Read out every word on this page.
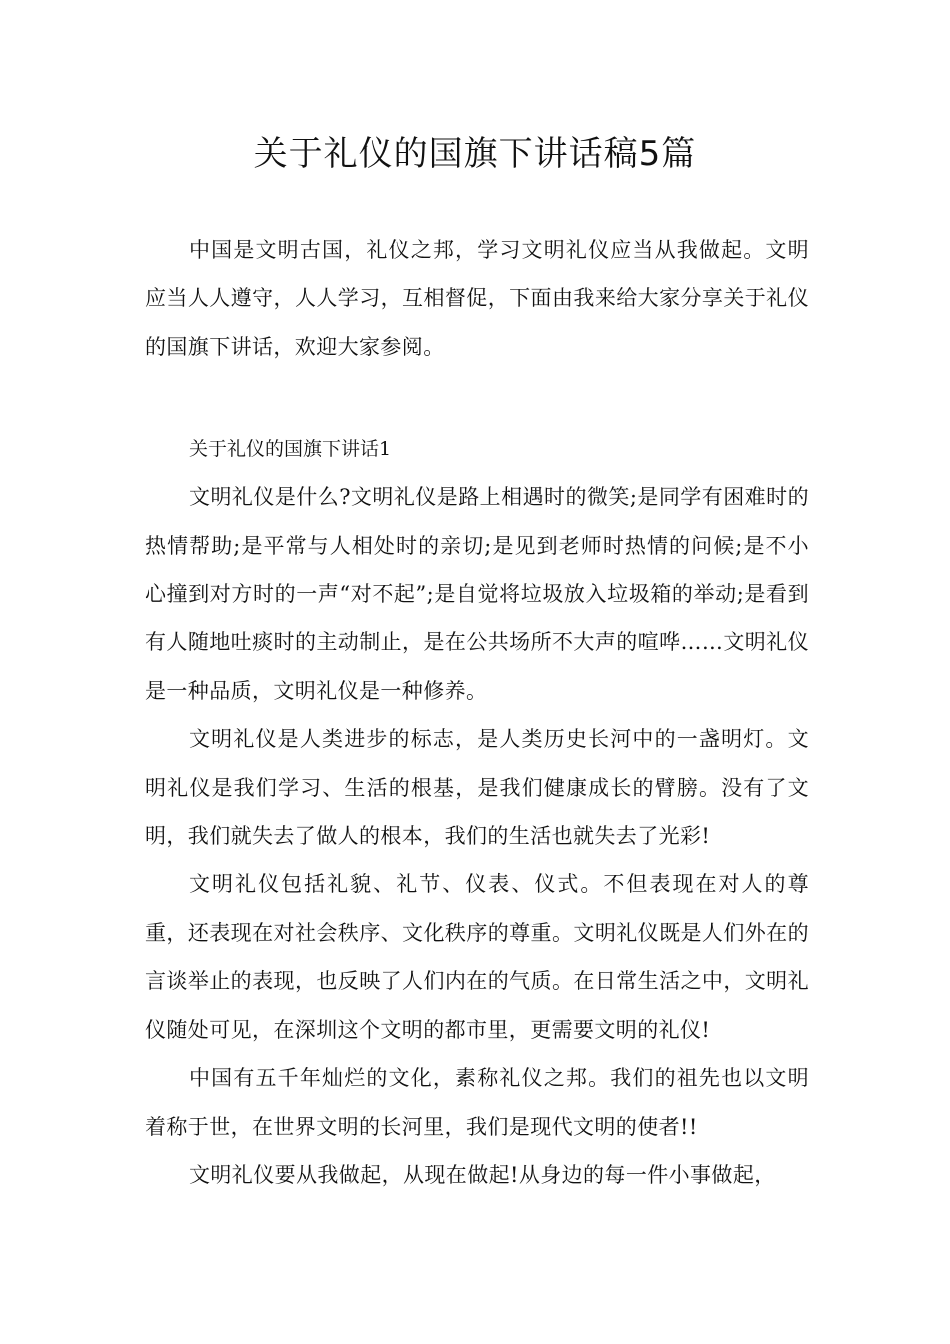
关于礼仪的国旗下讲话稿5篇

中国是文明古国，礼仪之邦，学习文明礼仪应当从我做起。文明应当人人遵守，人人学习，互相督促，下面由我来给大家分享关于礼仪的国旗下讲话，欢迎大家参阅。

关于礼仪的国旗下讲话1

文明礼仪是什么?文明礼仪是路上相遇时的微笑;是同学有困难时的热情帮助;是平常与人相处时的亲切;是见到老师时热情的问候;是不小心撞到对方时的一声“对不起”;是自觉将垃圾放入垃圾箱的举动;是看到有人随地吐痰时的主动制止，是在公共场所不大声的喧哗……文明礼仪是一种品质，文明礼仪是一种修养。

文明礼仪是人类进步的标志，是人类历史长河中的一盏明灯。文明礼仪是我们学习、生活的根基，是我们健康成长的臂膀。没有了文明，我们就失去了做人的根本，我们的生活也就失去了光彩!

文明礼仪包括礼貌、礼节、仪表、仪式。不但表现在对人的尊重，还表现在对社会秩序、文化秩序的尊重。文明礼仪既是人们外在的言谈举止的表现，也反映了人们内在的气质。在日常生活之中，文明礼仪随处可见，在深圳这个文明的都市里，更需要文明的礼仪!

中国有五千年灿烂的文化，素称礼仪之邦。我们的祖先也以文明着称于世，在世界文明的长河里，我们是现代文明的使者!!

文明礼仪要从我做起，从现在做起!从身边的每一件小事做起，
